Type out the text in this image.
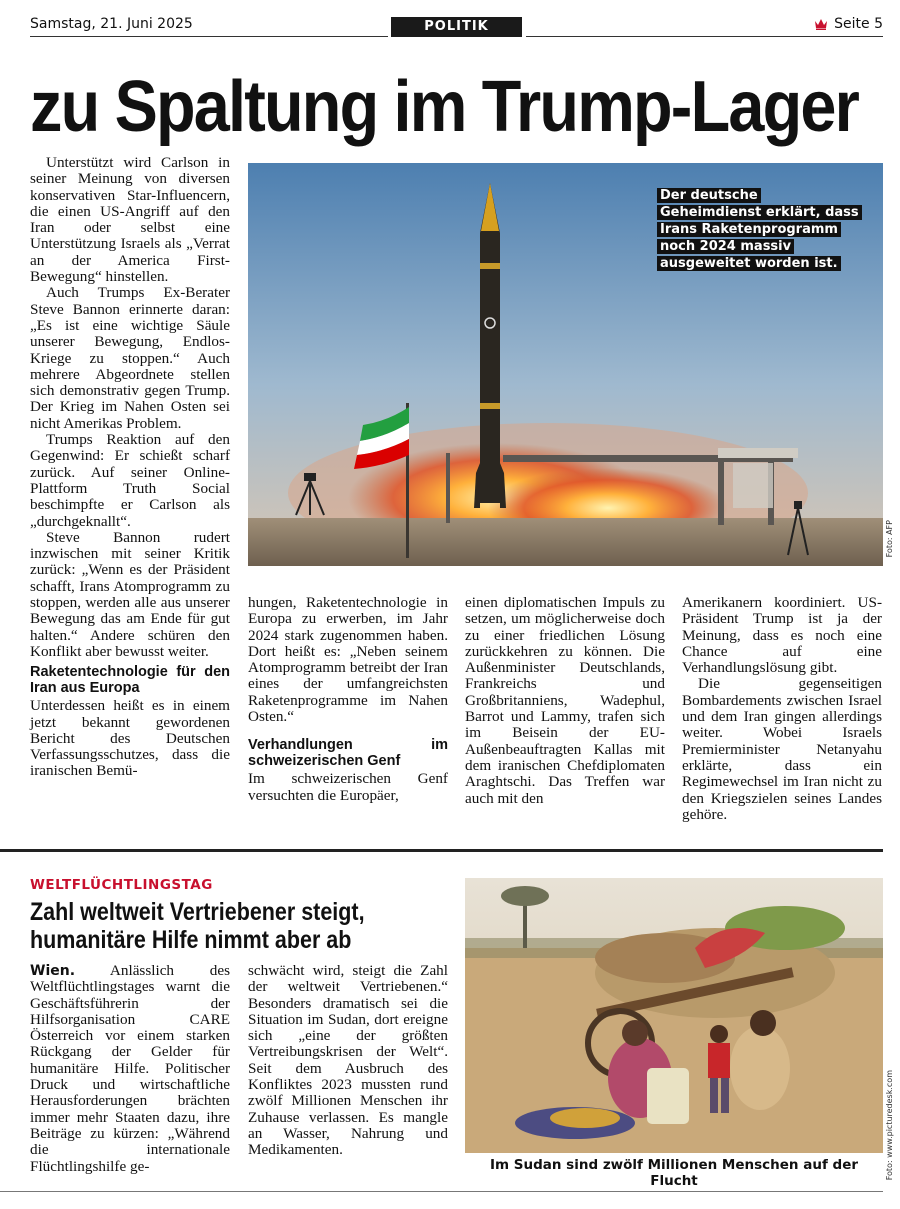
Samstag, 21. Juni 2025	POLITIK	Seite 5
zu Spaltung im Trump-Lager
Der deutsche Geheimdienst erklärt, dass Irans Raketenprogramm noch 2024 massiv ausgeweitet worden ist.
Foto: AFP

Unterstützt wird Carlson in seiner Meinung von diversen konservativen Star-Influencern, die einen US-Angriff auf den Iran oder selbst eine Unterstützung Israels als „Verrat an der America First-Bewegung“ hinstellen.

Auch Trumps Ex-Berater Steve Bannon erinnerte daran: „Es ist eine wichtige Säule unserer Bewegung, Endlos-Kriege zu stoppen.“ Auch mehrere Abgeordnete stellen sich demonstrativ gegen Trump. Der Krieg im Nahen Osten sei nicht Amerikas Problem.

Trumps Reaktion auf den Gegenwind: Er schießt scharf zurück. Auf seiner Online-Plattform Truth Social beschimpfte er Carlson als „durchgeknallt“.

Steve Bannon rudert inzwischen mit seiner Kritik zurück: „Wenn es der Präsident schafft, Irans Atomprogramm zu stoppen, werden alle aus unserer Bewegung das am Ende für gut halten.“ Andere schüren den Konflikt aber bewusst weiter.

Raketentechnologie für den Iran aus Europa

Unterdessen heißt es in einem jetzt bekannt gewordenen Bericht des Deutschen Verfassungsschutzes, dass die iranischen Bemü-

hungen, Raketentechnologie in Europa zu erwerben, im Jahr 2024 stark zugenommen haben. Dort heißt es: „Neben seinem Atomprogramm betreibt der Iran eines der umfangreichsten Raketenprogramme im Nahen Osten.“

Verhandlungen im schweizerischen Genf

Im schweizerischen Genf versuchten die Europäer,

einen diplomatischen Impuls zu setzen, um möglicherweise doch zu einer friedlichen Lösung zurückkehren zu können. Die Außenminister Deutschlands, Frankreichs und Großbritanniens, Wadephul, Barrot und Lammy, trafen sich im Beisein der EU-Außenbeauftragten Kallas mit dem iranischen Chefdiplomaten Araghtschi. Das Treffen war auch mit den

Amerikanern koordiniert. US-Präsident Trump ist ja der Meinung, dass es noch eine Chance auf eine Verhandlungslösung gibt.

Die gegenseitigen Bombardements zwischen Israel und dem Iran gingen allerdings weiter. Wobei Israels Premierminister Netanyahu erklärte, dass ein Regimewechsel im Iran nicht zu den Kriegszielen seines Landes gehöre.

WELTFLÜCHTLINGSTAG
Zahl weltweit Vertriebener steigt,
humanitäre Hilfe nimmt aber ab

Wien. Anlässlich des Weltflüchtlingstages warnt die Geschäftsführerin der Hilfsorganisation CARE Österreich vor einem starken Rückgang der Gelder für humanitäre Hilfe. Politischer Druck und wirtschaftliche Herausforderungen brächten immer mehr Staaten dazu, ihre Beiträge zu kürzen: „Während die internationale Flüchtlingshilfe ge-

schwächt wird, steigt die Zahl der weltweit Vertriebenen.“ Besonders dramatisch sei die Situation im Sudan, dort ereigne sich „eine der größten Vertreibungskrisen der Welt“. Seit dem Ausbruch des Konfliktes 2023 mussten rund zwölf Millionen Menschen ihr Zuhause verlassen. Es mangle an Wasser, Nahrung und Medikamenten.	Foto: www.picturedesk.com
Im Sudan sind zwölf Millionen Menschen auf der Flucht
